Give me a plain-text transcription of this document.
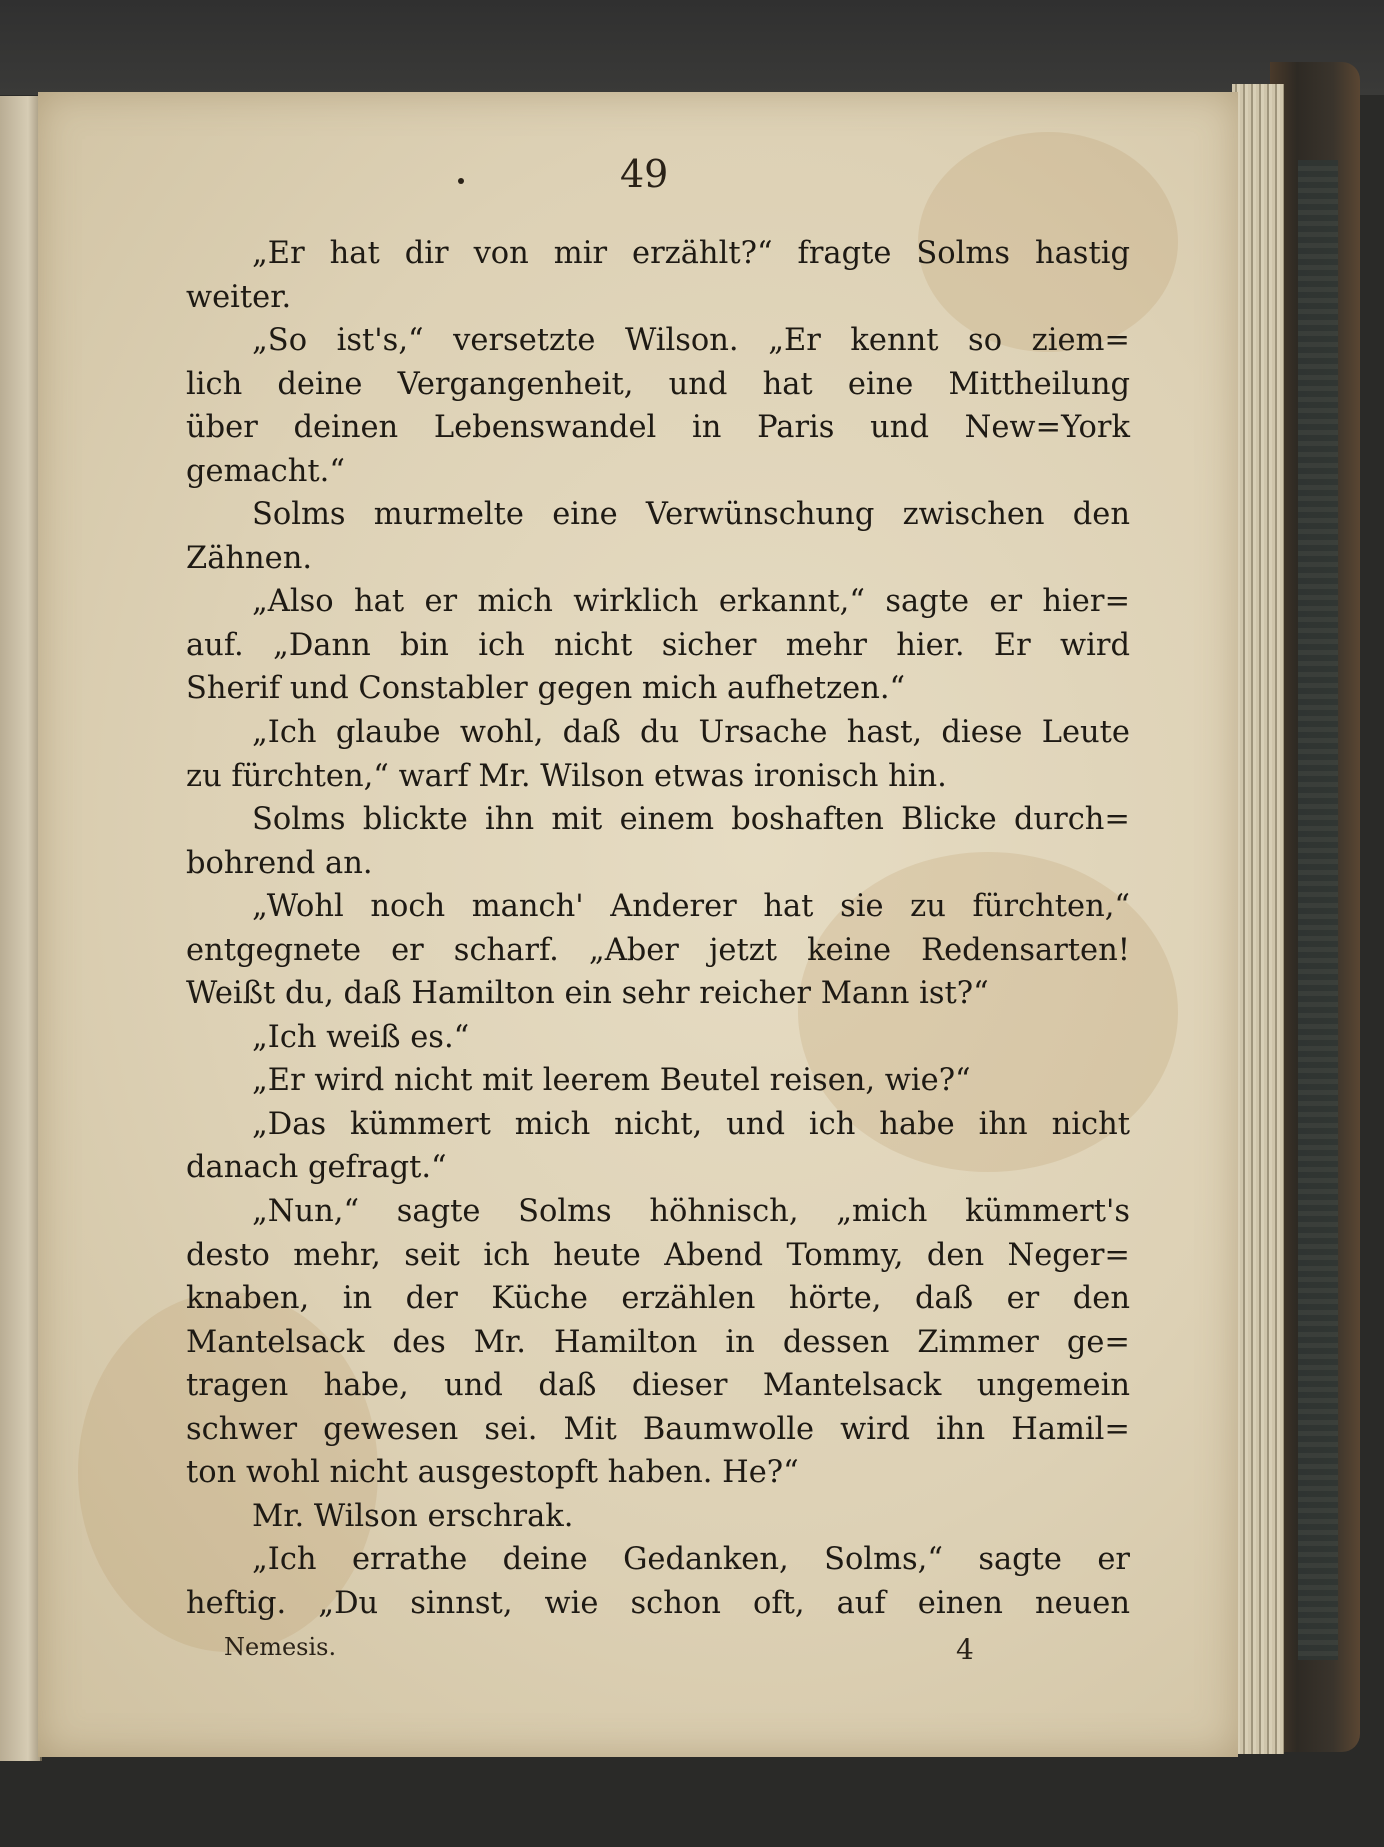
49

„Er hat dir von mir erzählt?“ fragte Solms hastig

weiter.

„So ist's,“ versetzte Wilson. „Er kennt so ziem=

lich deine Vergangenheit, und hat eine Mittheilung

über deinen Lebenswandel in Paris und New=York

gemacht.“

Solms murmelte eine Verwünschung zwischen den

Zähnen.

„Also hat er mich wirklich erkannt,“ sagte er hier=

auf. „Dann bin ich nicht sicher mehr hier. Er wird

Sherif und Constabler gegen mich aufhetzen.“

„Ich glaube wohl, daß du Ursache hast, diese Leute

zu fürchten,“ warf Mr. Wilson etwas ironisch hin.

Solms blickte ihn mit einem boshaften Blicke durch=

bohrend an.

„Wohl noch manch' Anderer hat sie zu fürchten,“

entgegnete er scharf. „Aber jetzt keine Redensarten!

Weißt du, daß Hamilton ein sehr reicher Mann ist?“

„Ich weiß es.“

„Er wird nicht mit leerem Beutel reisen, wie?“

„Das kümmert mich nicht, und ich habe ihn nicht

danach gefragt.“

„Nun,“ sagte Solms höhnisch, „mich kümmert's

desto mehr, seit ich heute Abend Tommy, den Neger=

knaben, in der Küche erzählen hörte, daß er den

Mantelsack des Mr. Hamilton in dessen Zimmer ge=

tragen habe, und daß dieser Mantelsack ungemein

schwer gewesen sei. Mit Baumwolle wird ihn Hamil=

ton wohl nicht ausgestopft haben. He?“

Mr. Wilson erschrak.

„Ich errathe deine Gedanken, Solms,“ sagte er

heftig. „Du sinnst, wie schon oft, auf einen neuen

Nemesis.	4
